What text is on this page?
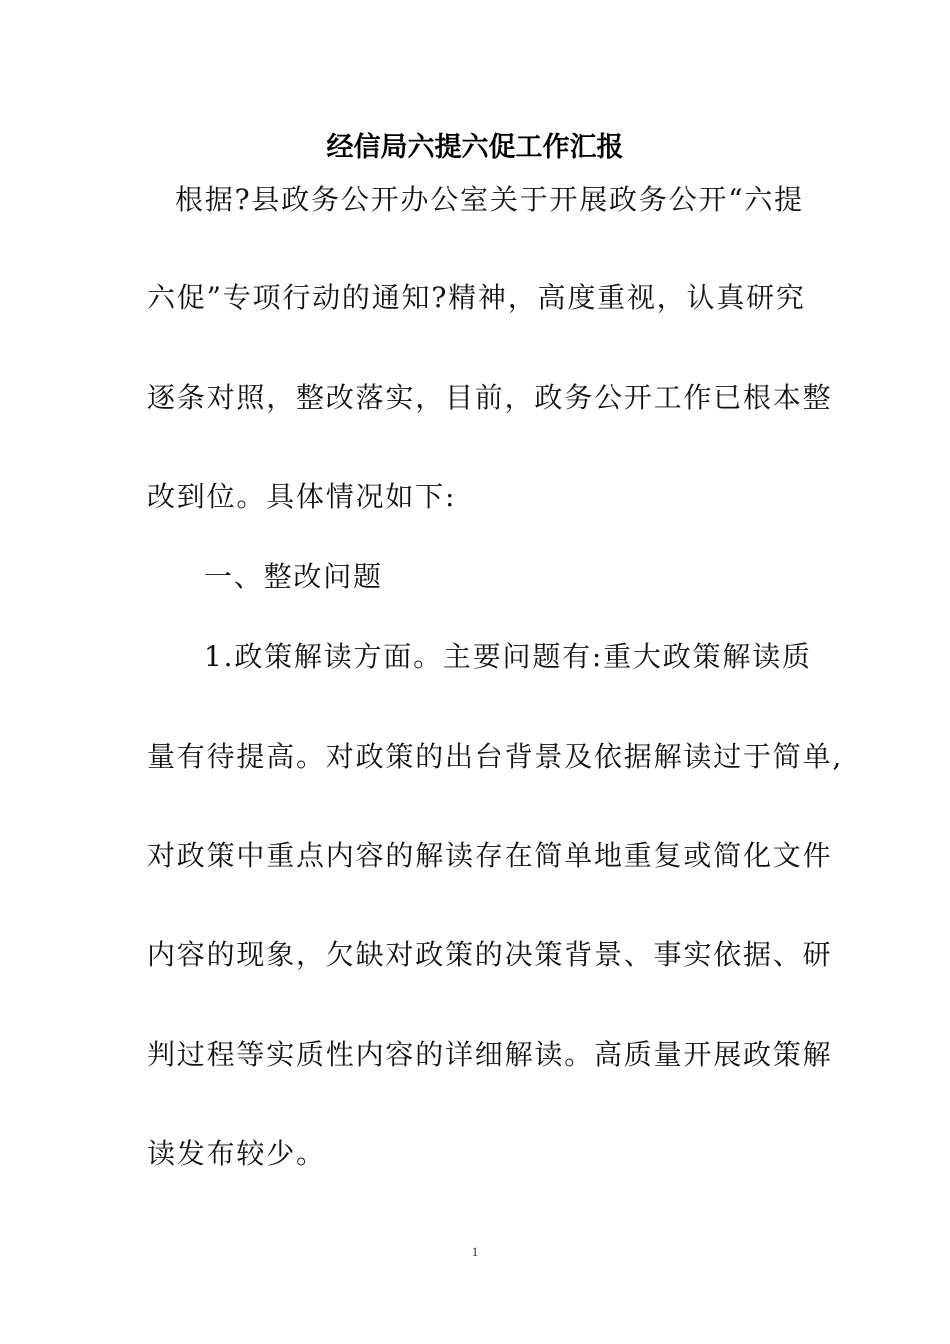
经信局六提六促工作汇报
根据?县政务公开办公室关于开展政务公开“六提
六促”专项行动的通知?精神，高度重视，认真研究
逐条对照，整改落实，目前，政务公开工作已根本整
改到位。具体情况如下:
一、整改问题
1.政策解读方面。主要问题有:重大政策解读质
量有待提高。对政策的出台背景及依据解读过于简单,
对政策中重点内容的解读存在简单地重复或简化文件
内容的现象，欠缺对政策的决策背景、事实依据、研
判过程等实质性内容的详细解读。高质量开展政策解
读发布较少。
1
